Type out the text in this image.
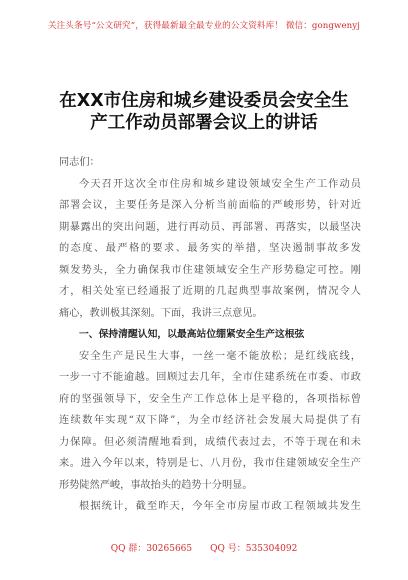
关注头条号“公文研究”，获得最新最全最专业的公文资料库！ 微信：gongwenyj
在XX市住房和城乡建设委员会安全生
产工作动员部署会议上的讲话
同志们：
今天召开这次全市住房和城乡建设领域安全生产工作动员
部署会议，主要任务是深入分析当前面临的严峻形势，针对近
期暴露出的突出问题，进行再动员、再部署、再落实，以最坚决
的态度、最严格的要求、最务实的举措，坚决遏制事故多发
频发势头，全力确保我市住建领域安全生产形势稳定可控。刚
才，相关处室已经通报了近期的几起典型事故案例，情况令人
痛心，教训极其深刻。下面，我讲三点意见。
一、保持清醒认知，以最高站位绷紧安全生产这根弦
安全生产是民生大事，一丝一毫不能放松；是红线底线，
一步一寸不能逾越。回顾过去几年，全市住建系统在市委、市政
府的坚强领导下，安全生产工作总体上是平稳的，各项指标曾
连续数年实现“双下降”，为全市经济社会发展大局提供了有
力保障。但必须清醒地看到，成绩代表过去，不等于现在和未
来。进入今年以来，特别是七、八月份，我市住建领域安全生产
形势陡然严峻，事故抬头的趋势十分明显。
根据统计，截至昨天，今年全市房屋市政工程领域共发生
QQ 群：30265665 QQ 号：535304092
